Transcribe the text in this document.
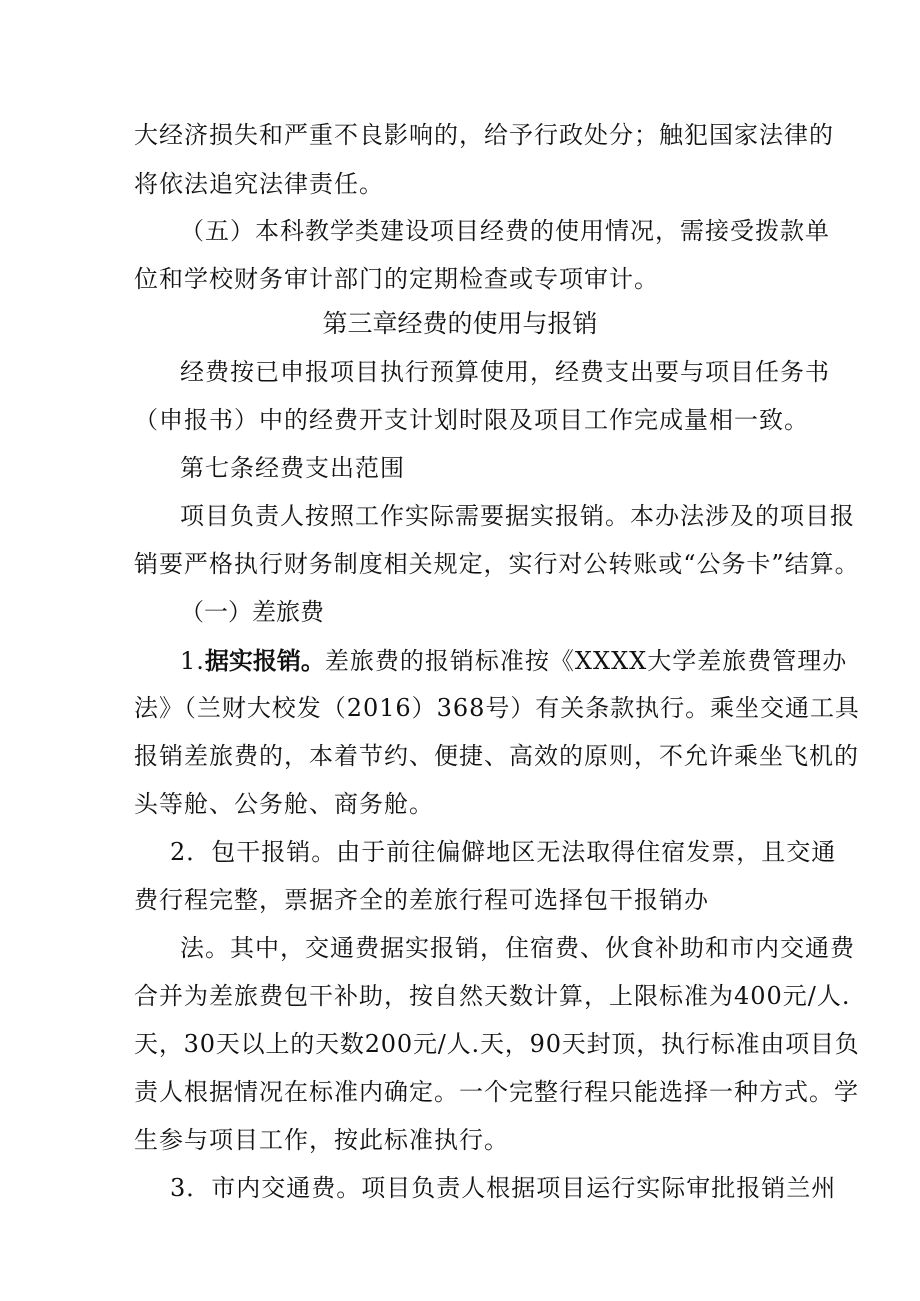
大经济损失和严重不良影响的，给予行政处分；触犯国家法律的
将依法追究法律责任。
（五）本科教学类建设项目经费的使用情况，需接受拨款单
位和学校财务审计部门的定期检查或专项审计。
第三章经费的使用与报销
经费按已申报项目执行预算使用，经费支出要与项目任务书
（申报书）中的经费开支计划时限及项目工作完成量相一致。
第七条经费支出范围
项目负责人按照工作实际需要据实报销。本办法涉及的项目报
销要严格执行财务制度相关规定，实行对公转账或“公务卡”结算。
（一）差旅费
1.据实报销。差旅费的报销标准按《XXXX大学差旅费管理办
法》（兰财大校发（2016）368号）有关条款执行。乘坐交通工具
报销差旅费的，本着节约、便捷、高效的原则，不允许乘坐飞机的
头等舱、公务舱、商务舱。
2．包干报销。由于前往偏僻地区无法取得住宿发票，且交通
费行程完整，票据齐全的差旅行程可选择包干报销办
法。其中，交通费据实报销，住宿费、伙食补助和市内交通费
合并为差旅费包干补助，按自然天数计算，上限标准为400元/人.
天，30天以上的天数200元/人.天，90天封顶，执行标准由项目负
责人根据情况在标准内确定。一个完整行程只能选择一种方式。学
生参与项目工作，按此标准执行。
3．市内交通费。项目负责人根据项目运行实际审批报销兰州
